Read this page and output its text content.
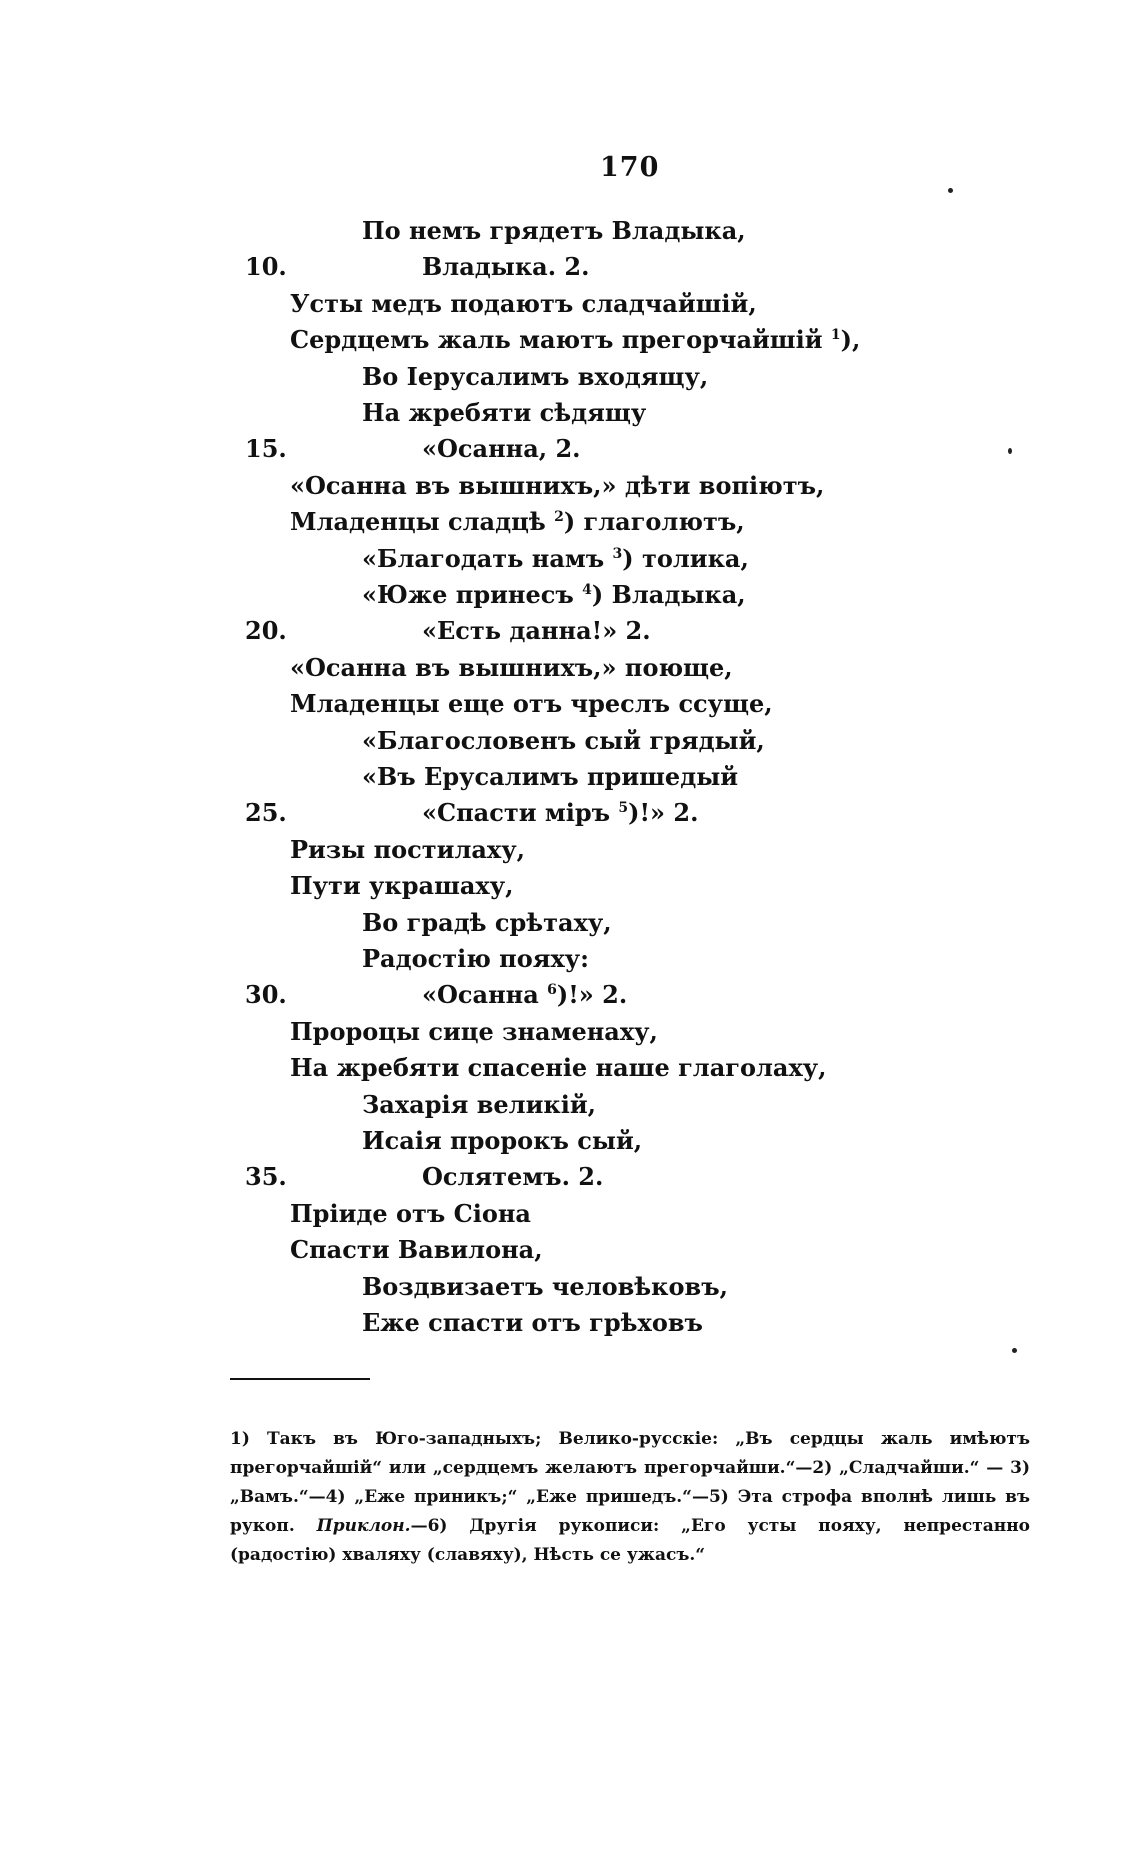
170
По немъ грядетъ Владыка,
10.	Владыка. 2.
Усты медъ подаютъ сладчайшій,
Сердцемъ жаль маютъ прегорчайшій $^1$),
Во Іерусалимъ входящу,
На жребяти сѣдящу
15.	«Осанна, 2.
«Осанна въ вышнихъ,» дѣти вопіютъ,
Младенцы сладцѣ $^2$) глаголютъ,
«Благодать намъ $^3$) толика,
«Юже принесъ $^4$) Владыка,
20.	«Есть данна!» 2.
«Осанна въ вышнихъ,» поюще,
Младенцы еще отъ чреслъ ссуще,
«Благословенъ сый грядый,
«Въ Ерусалимъ пришедый
25.	«Спасти міръ $^5$)!» 2.
Ризы постилаху,
Пути украшаху,
Во градѣ срѣтаху,
Радостію пояху:
30.	«Осанна $^6$)!» 2.
Пророцы сице знаменаху,
На жребяти спасеніе наше глаголаху,
Захарія великій,
Исаія пророкъ сый,
35.	Ослятемъ. 2.
Пріиде отъ Сіона
Спасти Вавилона,
Воздвизаетъ человѣковъ,
Еже спасти отъ грѣховъ

1) Такъ въ Юго-западныхъ; Велико-русскіе: „Въ сердцы жаль имѣютъ прегорчайшій“ или „сердцемъ желаютъ прегорчайши.“—2) „Сладчайши.“ — 3) „Вамъ.“—4) „Еже приникъ;“ „Еже пришедъ.“—5) Эта строфа вполнѣ лишь въ рукоп. Приклон.—6) Другія рукописи: „Его усты пояху, непрестанно (радостію) хваляху (славяху), Нѣсть се ужасъ.“
